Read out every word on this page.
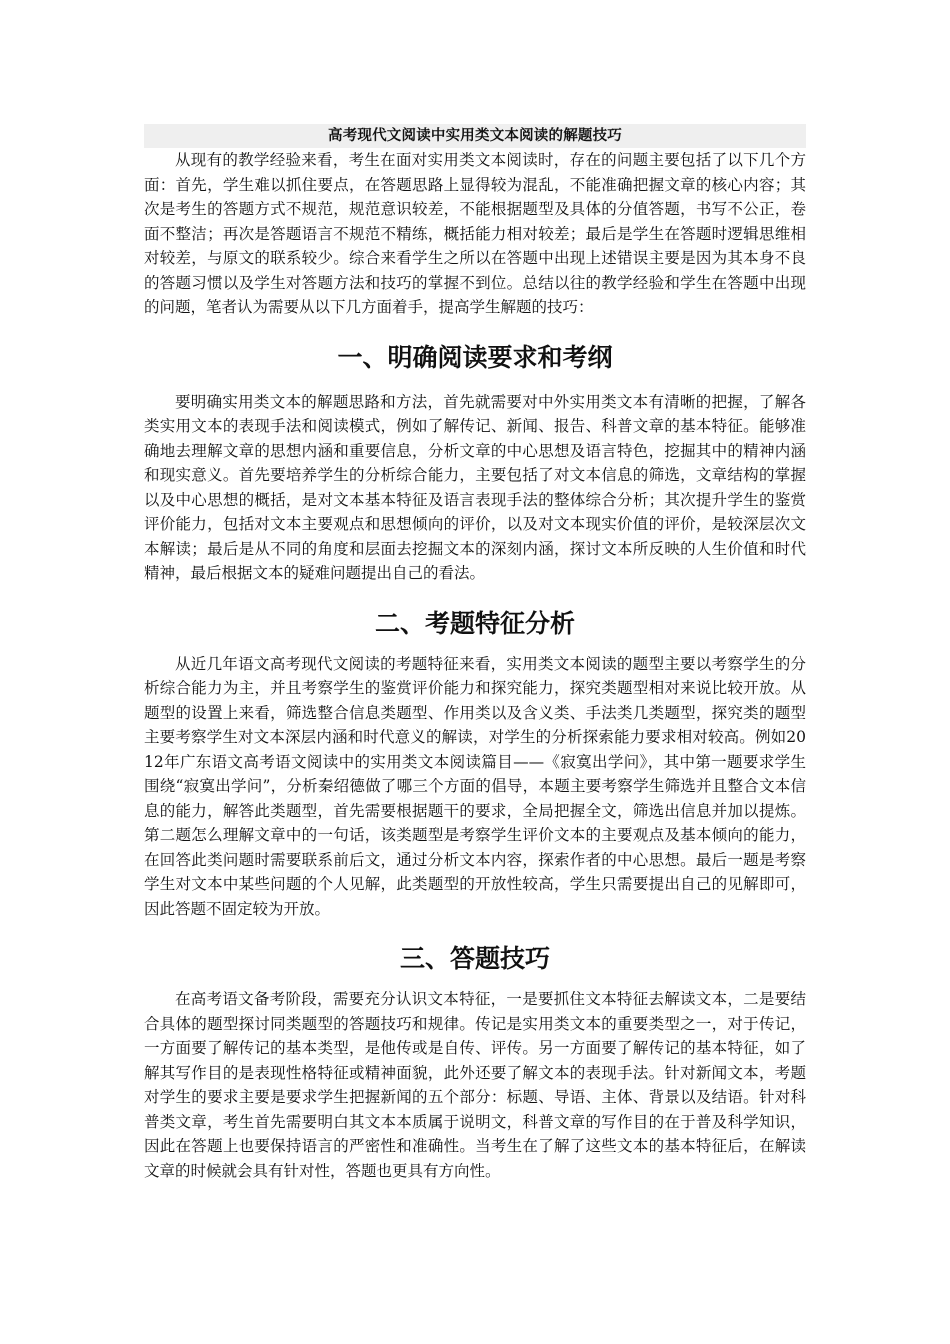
高考现代文阅读中实用类文本阅读的解题技巧

从现有的教学经验来看，考生在面对实用类文本阅读时，存在的问题主要包括了以下几个方面：首先，学生难以抓住要点，在答题思路上显得较为混乱，不能准确把握文章的核心内容；其次是考生的答题方式不规范，规范意识较差，不能根据题型及具体的分值答题，书写不公正，卷面不整洁；再次是答题语言不规范不精练，概括能力相对较差；最后是学生在答题时逻辑思维相对较差，与原文的联系较少。综合来看学生之所以在答题中出现上述错误主要是因为其本身不良的答题习惯以及学生对答题方法和技巧的掌握不到位。总结以往的教学经验和学生在答题中出现的问题，笔者认为需要从以下几方面着手，提高学生解题的技巧：

一、明确阅读要求和考纲

要明确实用类文本的解题思路和方法，首先就需要对中外实用类文本有清晰的把握，了解各类实用文本的表现手法和阅读模式，例如了解传记、新闻、报告、科普文章的基本特征。能够准确地去理解文章的思想内涵和重要信息，分析文章的中心思想及语言特色，挖掘其中的精神内涵和现实意义。首先要培养学生的分析综合能力，主要包括了对文本信息的筛选，文章结构的掌握以及中心思想的概括，是对文本基本特征及语言表现手法的整体综合分析；其次提升学生的鉴赏评价能力，包括对文本主要观点和思想倾向的评价，以及对文本现实价值的评价，是较深层次文本解读；最后是从不同的角度和层面去挖掘文本的深刻内涵，探讨文本所反映的人生价值和时代精神，最后根据文本的疑难问题提出自己的看法。

二、考题特征分析

从近几年语文高考现代文阅读的考题特征来看，实用类文本阅读的题型主要以考察学生的分析综合能力为主，并且考察学生的鉴赏评价能力和探究能力，探究类题型相对来说比较开放。从题型的设置上来看，筛选整合信息类题型、作用类以及含义类、手法类几类题型，探究类的题型主要考察学生对文本深层内涵和时代意义的解读，对学生的分析探索能力要求相对较高。例如2012年广东语文高考语文阅读中的实用类文本阅读篇目——《寂寞出学问》，其中第一题要求学生围绕“寂寞出学问”，分析秦绍德做了哪三个方面的倡导，本题主要考察学生筛选并且整合文本信息的能力，解答此类题型，首先需要根据题干的要求，全局把握全文，筛选出信息并加以提炼。第二题怎么理解文章中的一句话，该类题型是考察学生评价文本的主要观点及基本倾向的能力，在回答此类问题时需要联系前后文，通过分析文本内容，探索作者的中心思想。最后一题是考察学生对文本中某些问题的个人见解，此类题型的开放性较高，学生只需要提出自己的见解即可，因此答题不固定较为开放。

三、答题技巧

在高考语文备考阶段，需要充分认识文本特征，一是要抓住文本特征去解读文本，二是要结合具体的题型探讨同类题型的答题技巧和规律。传记是实用类文本的重要类型之一，对于传记，一方面要了解传记的基本类型，是他传或是自传、评传。另一方面要了解传记的基本特征，如了解其写作目的是表现性格特征或精神面貌，此外还要了解文本的表现手法。针对新闻文本，考题对学生的要求主要是要求学生把握新闻的五个部分：标题、导语、主体、背景以及结语。针对科普类文章，考生首先需要明白其文本本质属于说明文，科普文章的写作目的在于普及科学知识，因此在答题上也要保持语言的严密性和准确性。当考生在了解了这些文本的基本特征后，在解读文章的时候就会具有针对性，答题也更具有方向性。
